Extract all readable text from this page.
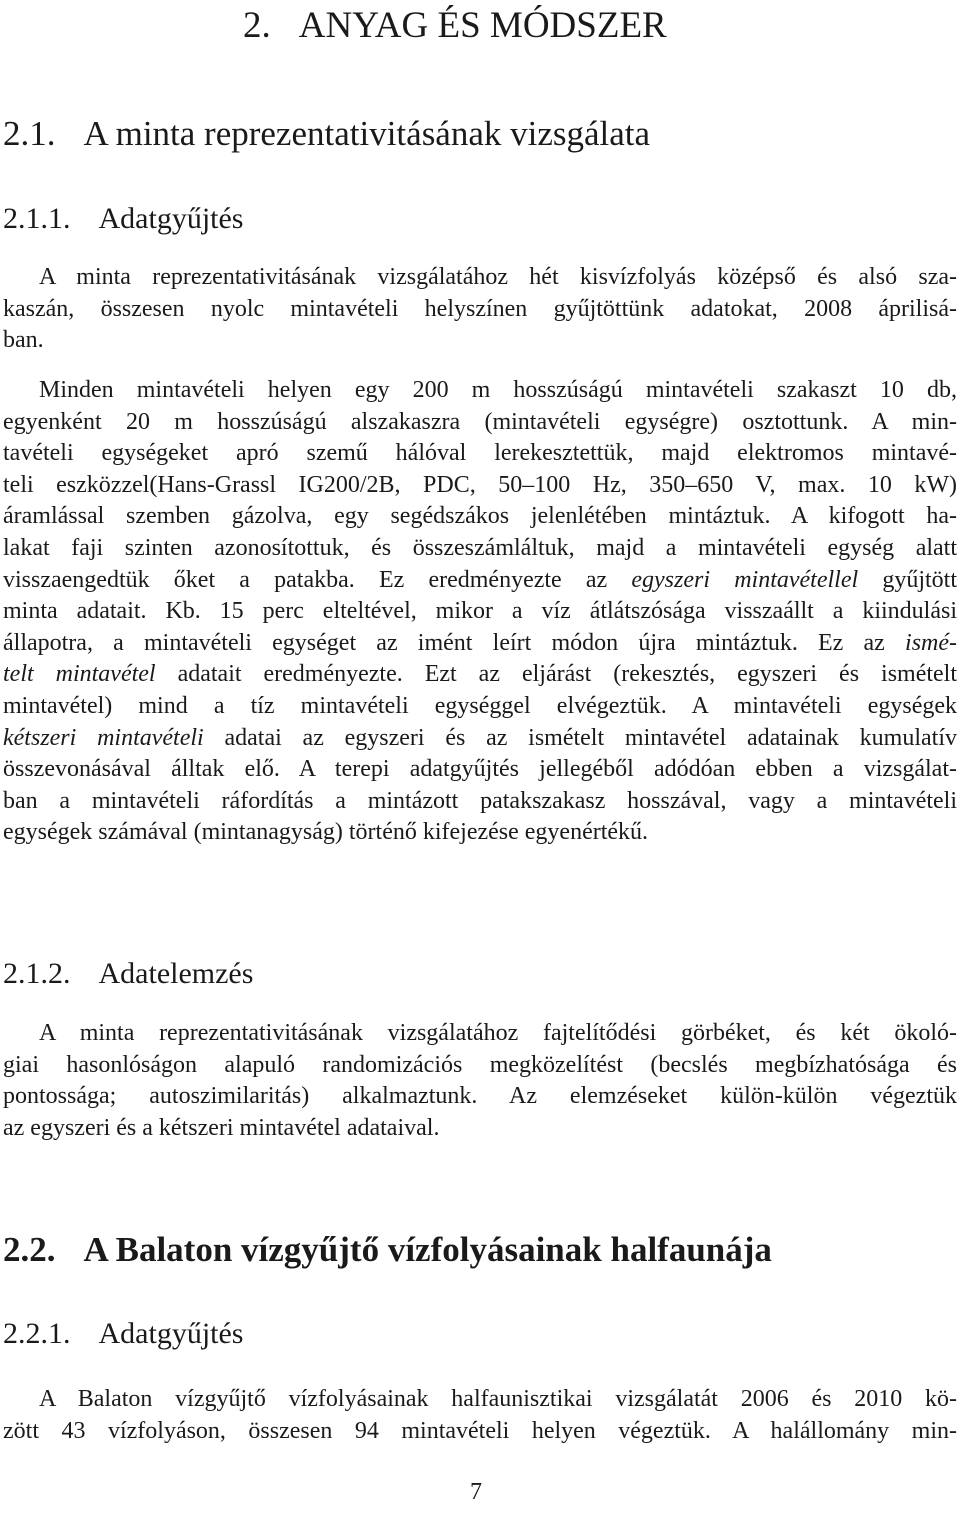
2. ANYAG ÉS MÓDSZER
2.1. A minta reprezentativitásának vizsgálata
2.1.1. Adatgyűjtés

A minta reprezentativitásának vizsgálatához hét kisvízfolyás középső és alsó sza-
kaszán, összesen nyolc mintavételi helyszínen gyűjtöttünk adatokat, 2008 áprilisá-
ban.

Minden mintavételi helyen egy 200 m hosszúságú mintavételi szakaszt 10 db,
egyenként 20 m hosszúságú alszakaszra (mintavételi egységre) osztottunk. A min-
tavételi egységeket apró szemű hálóval lerekesztettük, majd elektromos mintavé-
teli eszközzel(Hans-Grassl IG200/2B, PDC, 50–100 Hz, 350–650 V, max. 10 kW)
áramlással szemben gázolva, egy segédszákos jelenlétében mintáztuk. A kifogott ha-
lakat faji szinten azonosítottuk, és összeszámláltuk, majd a mintavételi egység alatt
visszaengedtük őket a patakba. Ez eredményezte az egyszeri mintavétellel gyűjtött
minta adatait. Kb. 15 perc elteltével, mikor a víz átlátszósága visszaállt a kiindulási
állapotra, a mintavételi egységet az imént leírt módon újra mintáztuk. Ez az ismé-
telt mintavétel adatait eredményezte. Ezt az eljárást (rekesztés, egyszeri és ismételt
mintavétel) mind a tíz mintavételi egységgel elvégeztük. A mintavételi egységek
kétszeri mintavételi adatai az egyszeri és az ismételt mintavétel adatainak kumulatív
összevonásával álltak elő. A terepi adatgyűjtés jellegéből adódóan ebben a vizsgálat-
ban a mintavételi ráfordítás a mintázott patakszakasz hosszával, vagy a mintavételi
egységek számával (mintanagyság) történő kifejezése egyenértékű.

2.1.2. Adatelemzés

A minta reprezentativitásának vizsgálatához fajtelítődési görbéket, és két ökoló-
giai hasonlóságon alapuló randomizációs megközelítést (becslés megbízhatósága és
pontossága; autoszimilaritás) alkalmaztunk. Az elemzéseket külön-külön végeztük
az egyszeri és a kétszeri mintavétel adataival.

2.2. A Balaton vízgyűjtő vízfolyásainak halfaunája
2.2.1. Adatgyűjtés

A Balaton vízgyűjtő vízfolyásainak halfaunisztikai vizsgálatát 2006 és 2010 kö-
zött 43 vízfolyáson, összesen 94 mintavételi helyen végeztük. A halállomány min-

7
